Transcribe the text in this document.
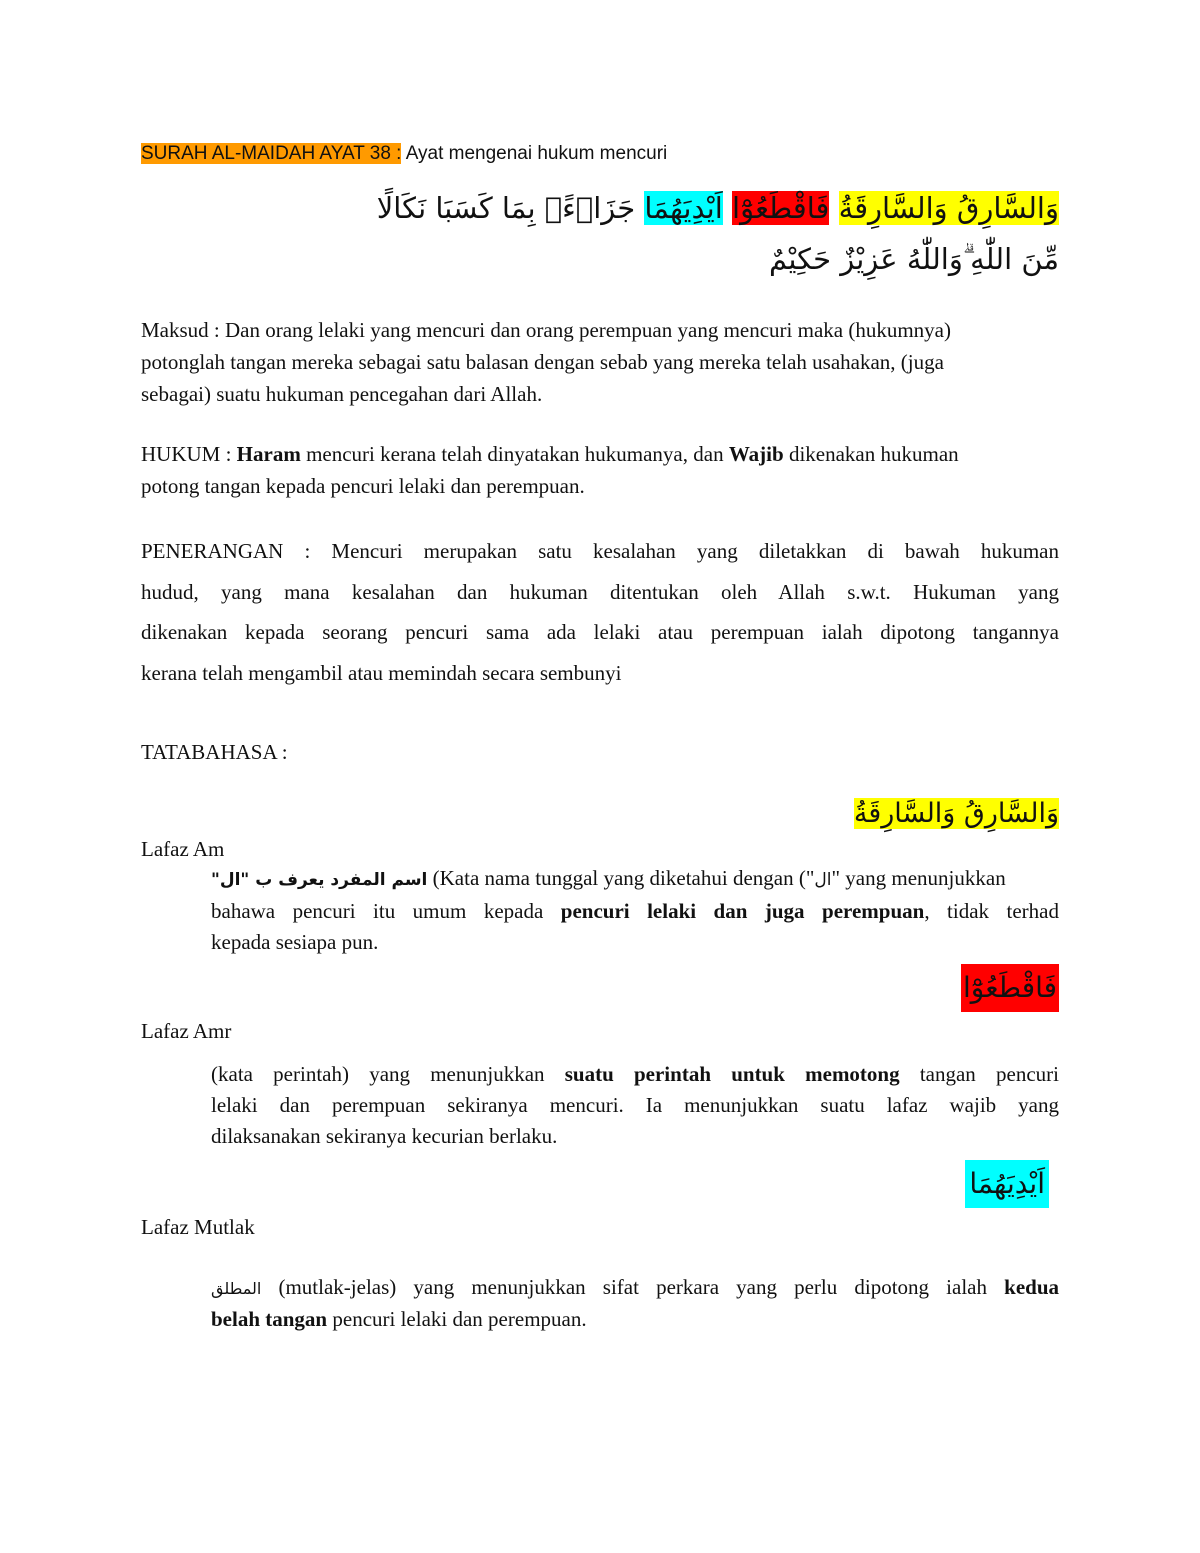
SURAH AL-MAIDAH AYAT 38 : Ayat mengenai hukum mencuri
وَالسَّارِقُ وَالسَّارِقَةُ فَاقْطَعُوْٓا اَيْدِيَهُمَا جَزَاۤءًۢ بِمَا كَسَبَا نَكَالًا
مِّنَ اللّٰهِ ۗوَاللّٰهُ عَزِيْزٌ حَكِيْمٌ
Maksud : Dan orang lelaki yang mencuri dan orang perempuan yang mencuri maka (hukumnya)
potonglah tangan mereka sebagai satu balasan dengan sebab yang mereka telah usahakan, (juga
sebagai) suatu hukuman pencegahan dari Allah.
HUKUM : Haram mencuri kerana telah dinyatakan hukumanya, dan Wajib dikenakan hukuman
potong tangan kepada pencuri lelaki dan perempuan.
PENERANGAN : Mencuri merupakan satu kesalahan yang diletakkan di bawah hukuman
hudud, yang mana kesalahan dan hukuman ditentukan oleh Allah s.w.t. Hukuman yang
dikenakan kepada seorang pencuri sama ada lelaki atau perempuan ialah dipotong tangannya
kerana telah mengambil atau memindah secara sembunyi
TATABAHASA :
وَالسَّارِقُ وَالسَّارِقَةُ
Lafaz Am
اسم المفرد يعرف ب "ال" (Kata nama tunggal yang diketahui dengan ("ال" yang menunjukkan
bahawa pencuri itu umum kepada pencuri lelaki dan juga perempuan, tidak terhad
kepada sesiapa pun.
فَاقْطَعُوْٓا
Lafaz Amr
(kata perintah) yang menunjukkan suatu perintah untuk memotong tangan pencuri
lelaki dan perempuan sekiranya mencuri. Ia menunjukkan suatu lafaz wajib yang
dilaksanakan sekiranya kecurian berlaku.
اَيْدِيَهُمَا
Lafaz Mutlak
المطلق (mutlak-jelas) yang menunjukkan sifat perkara yang perlu dipotong ialah kedua
belah tangan pencuri lelaki dan perempuan.
